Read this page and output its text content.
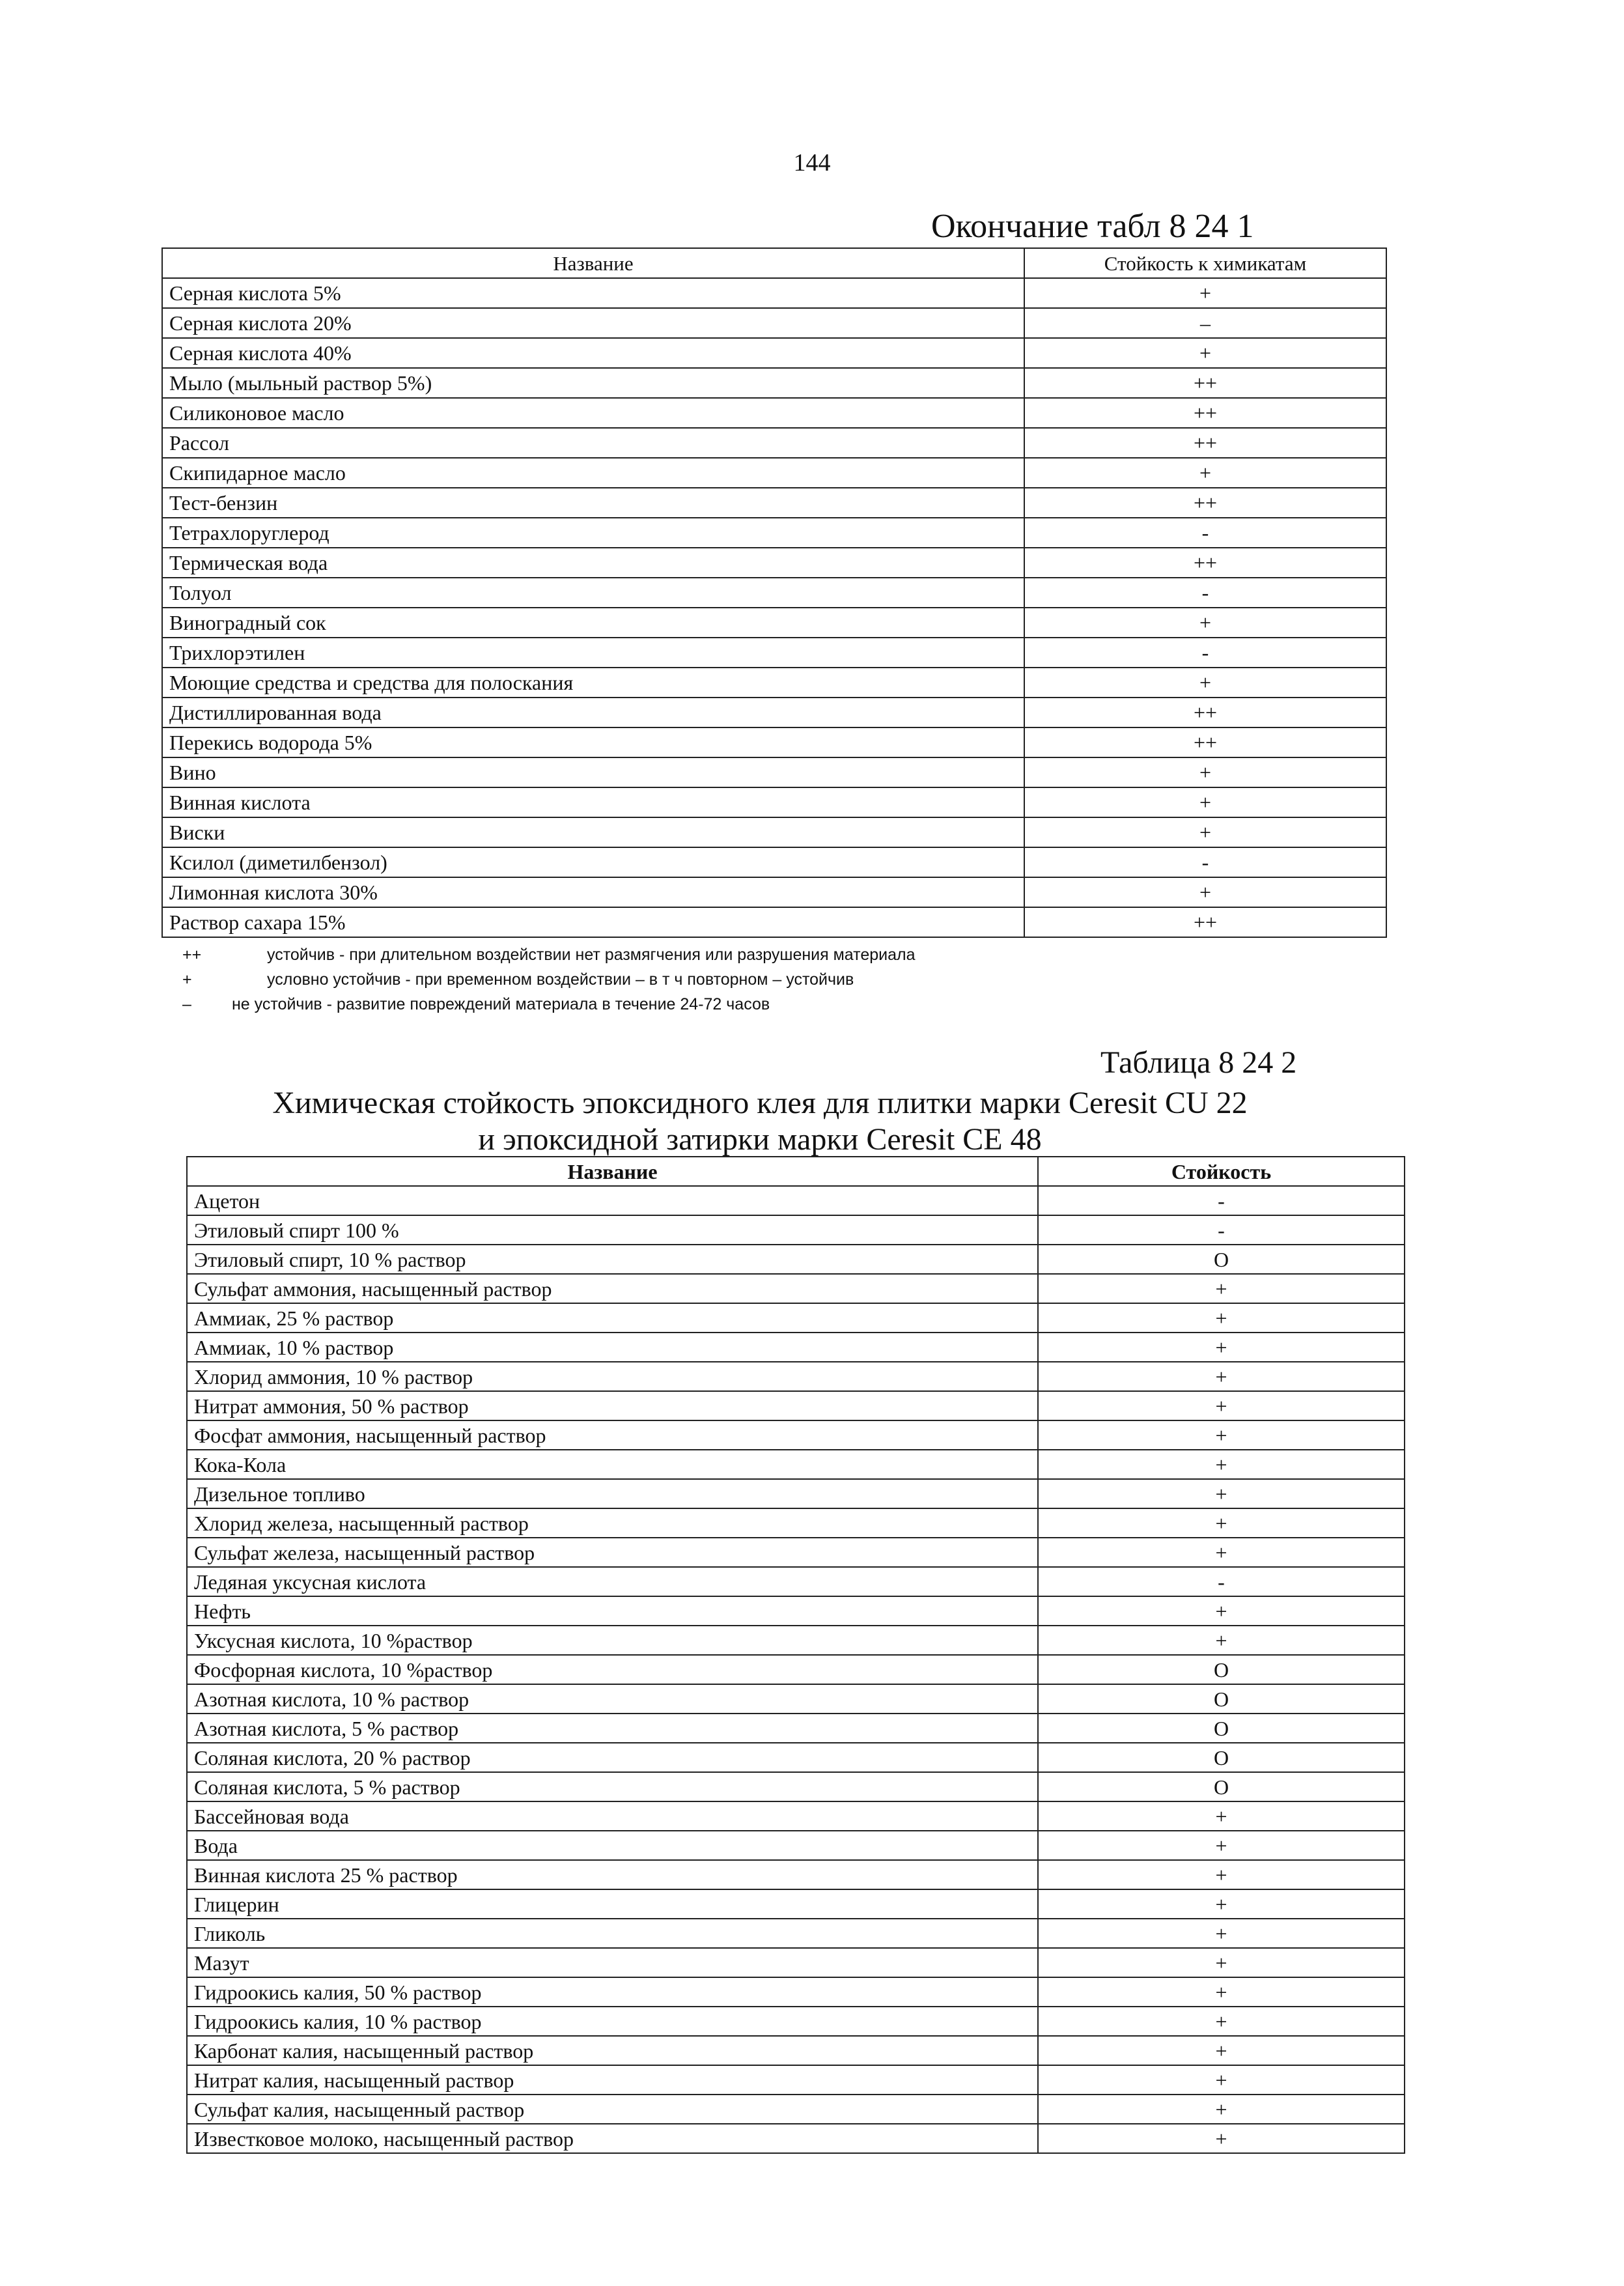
144
Окончание табл 8 24 1
Название	Стойкость к химикатам
Серная кислота 5%	+
Серная кислота 20%	–
Серная кислота 40%	+
Мыло (мыльный раствор 5%)	++
Силиконовое масло	++
Рассол	++
Скипидарное масло	+
Тест-бензин	++
Тетрахлоруглерод	-
Термическая вода	++
Толуол	-
Виноградный сок	+
Трихлорэтилен	-
Моющие средства и средства для полоскания	+
Дистиллированная вода	++
Перекись водорода 5%	++
Вино	+
Винная кислота	+
Виски	+
Ксилол (диметилбензол)	-
Лимонная кислота 30%	+
Раствор сахара 15%	++
++	устойчив - при длительном воздействии нет размягчения или разрушения материала
+	условно устойчив - при временном воздействии – в т ч повторном – устойчив
– не устойчив - развитие повреждений материала в течение 24-72 часов
Таблица 8 24 2
Химическая стойкость эпоксидного клея для плитки марки Ceresit CU 22
и эпоксидной затирки марки Ceresit CE 48
Название	Стойкость
Ацетон	-
Этиловый спирт 100 %	-
Этиловый спирт, 10 % раствор	O
Сульфат аммония, насыщенный раствор	+
Аммиак, 25 % раствор	+
Аммиак, 10 % раствор	+
Хлорид аммония, 10 % раствор	+
Нитрат аммония, 50 % раствор	+
Фосфат аммония, насыщенный раствор	+
Кока-Кола	+
Дизельное топливо	+
Хлорид железа, насыщенный раствор	+
Сульфат железа, насыщенный раствор	+
Ледяная уксусная кислота	-
Нефть	+
Уксусная кислота, 10 %раствор	+
Фосфорная кислота, 10 %раствор	O
Азотная кислота, 10 % раствор	O
Азотная кислота, 5 % раствор	O
Соляная кислота, 20 % раствор	O
Соляная кислота, 5 % раствор	O
Бассейновая вода	+
Вода	+
Винная кислота 25 % раствор	+
Глицерин	+
Гликоль	+
Мазут	+
Гидроокись калия, 50 % раствор	+
Гидроокись калия, 10 % раствор	+
Карбонат калия, насыщенный раствор	+
Нитрат калия, насыщенный раствор	+
Сульфат калия, насыщенный раствор	+
Известковое молоко, насыщенный раствор	+
